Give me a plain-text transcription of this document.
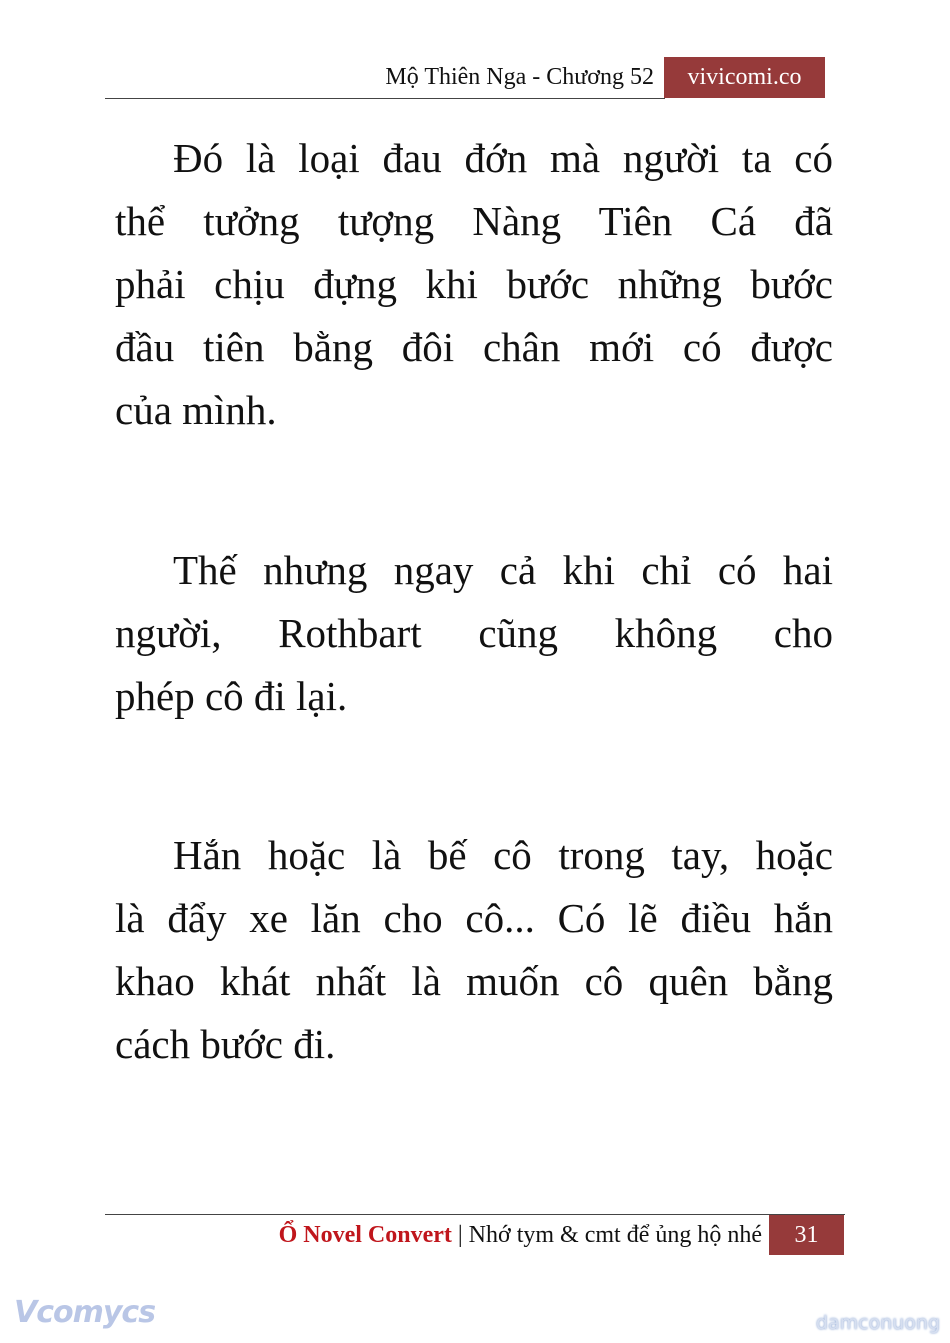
Mộ Thiên Nga - Chương 52	vivicomi.co
Đó là loại đau đớn mà người ta có
thể tưởng tượng Nàng Tiên Cá đã
phải chịu đựng khi bước những bước
đầu tiên bằng đôi chân mới có được
của mình.
Thế nhưng ngay cả khi chỉ có hai
người, Rothbart cũng không cho
phép cô đi lại.
Hắn hoặc là bế cô trong tay, hoặc
là đẩy xe lăn cho cô... Có lẽ điều hắn
khao khát nhất là muốn cô quên bằng
cách bước đi.
Ổ Novel Convert | Nhớ tym & cmt để ủng hộ nhé	31
Vcomycs	damconuong
